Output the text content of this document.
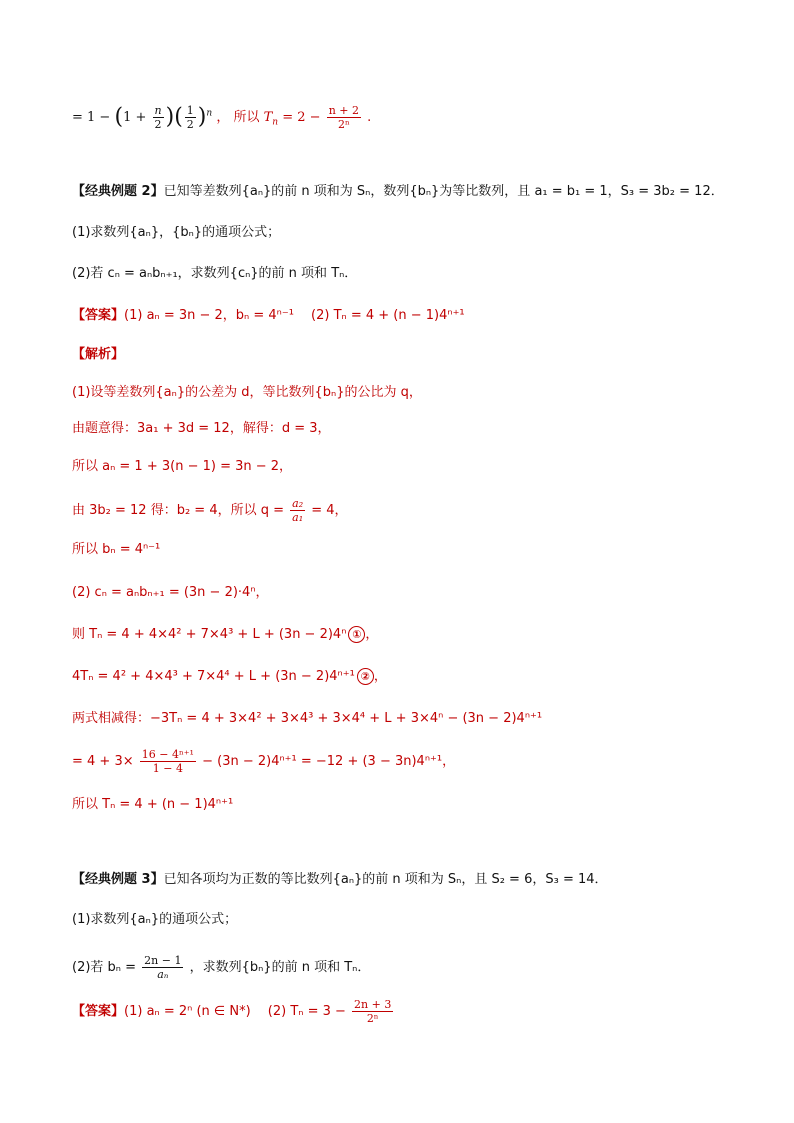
= $1 - (1 + \frac{n}{2}$ )( $\frac{1}{2} )^n$ ， 所以 $T_n = 2 - \frac{n + 2}{\text{2ⁿ}}$ .
【经典例题 2】已知等差数列{aₙ}的前 n 项和为 Sₙ，数列{bₙ}为等比数列，且 a₁ = b₁ = 1，S₃ = 3b₂ = 12．
(1)求数列{aₙ}，{bₙ}的通项公式；
(2)若 cₙ = aₙbₙ₊₁，求数列{cₙ}的前 n 项和 Tₙ．
【答案】(1) aₙ = 3n − 2，bₙ = 4ⁿ⁻¹　 (2) Tₙ = 4 + (n − 1)4ⁿ⁺¹
【解析】
(1)设等差数列{aₙ}的公差为 d，等比数列{bₙ}的公比为 q，
由题意得：3a₁ + 3d = 12，解得：d = 3，
所以 aₙ = 1 + 3(n − 1) = 3n − 2，
由 3b₂ = 12 得：b₂ = 4，所以 $q = \frac{\text{a₂}}{\text{a₁}} = 4$，
所以 bₙ = 4ⁿ⁻¹
(2) cₙ = aₙbₙ₊₁ = (3n − 2)·4ⁿ，
则 Tₙ = 4 + 4×4² + 7×4³ + L + (3n − 2)4ⁿ ① ，
4Tₙ = 4² + 4×4³ + 7×4⁴ + L + (3n − 2)4ⁿ⁺¹ ② ，
两式相减得：−3Tₙ = 4 + 3×4² + 3×4³ + 3×4⁴ + L + 3×4ⁿ − (3n − 2)4ⁿ⁺¹
= $4 + 3\times \frac{\text{16 − 4ⁿ⁺¹}}{1 - 4} - (3n - 2)4^{n+1} = -12 + (3 - 3n)4^{n+1}$，
所以 Tₙ = 4 + (n − 1)4ⁿ⁺¹
【经典例题 3】已知各项均为正数的等比数列{aₙ}的前 n 项和为 Sₙ，且 S₂ = 6，S₃ = 14．
(1)求数列{aₙ}的通项公式；
(2)若 $b_n = \frac{2n - 1}{\text{aₙ}}$ ，求数列{bₙ}的前 n 项和 Tₙ．
【答案】(1) aₙ = 2ⁿ (n ∈ N*)　 (2) $T_n = 3 - \frac{2n + 3}{\text{2ⁿ}}$
